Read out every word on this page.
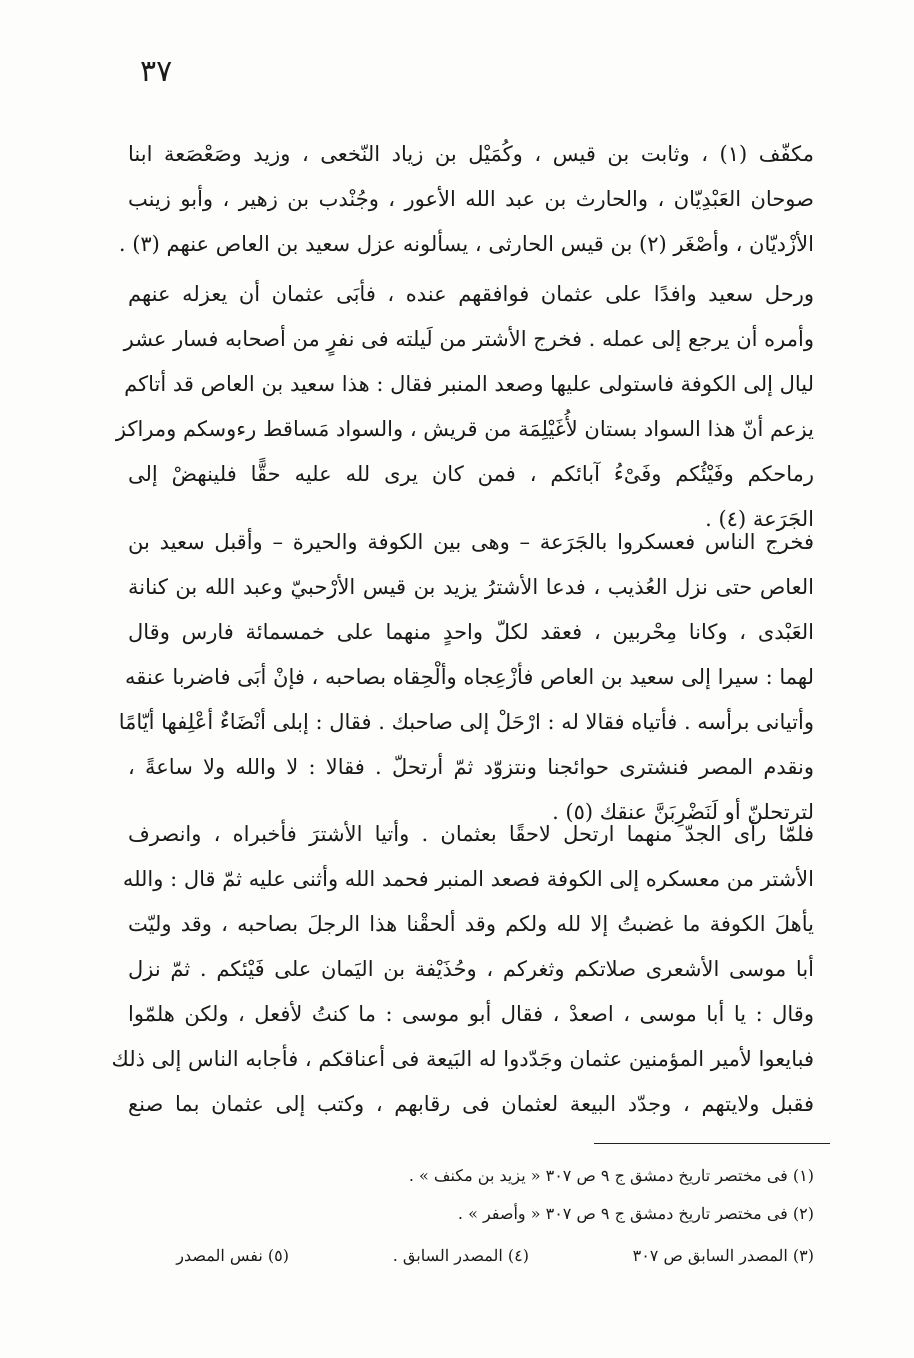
٣٧
مكفّف (١) ، وثابت بن قيس ، وكُمَيْل بن زياد النّخعى ، وزيد وصَعْصَعة ابنا
صوحان العَبْدِيّان ، والحارث بن عبد الله الأعور ، وجُنْدب بن زهير ، وأبو زينب
الأزْديّان ، وأصْغَر (٢) بن قيس الحارثى ، يسألونه عزل سعيد بن العاص عنهم (٣) .
ورحل سعيد وافدًا على عثمان فوافقهم عنده ، فأبَى عثمان أن يعزله عنهم
وأمره أن يرجع إلى عمله . فخرج الأشتر من لَيلته فى نفرٍ من أصحابه فسار عشر
ليال إلى الكوفة فاستولى عليها وصعد المنبر فقال : هذا سعيد بن العاص قد أتاكم
يزعم أنّ هذا السواد بستان لأُغَيْلِمَة من قريش ، والسواد مَساقط رءوسكم ومراكز
رماحكم وفَيْئُكم وفَىْءُ آبائكم ، فمن كان يرى لله عليه حقًّا فلينهضْ إلى
الجَرَعة (٤) .
فخرج الناس فعسكروا بالجَرَعة – وهى بين الكوفة والحيرة – وأقبل سعيد بن
العاص حتى نزل العُذيب ، فدعا الأشترُ يزيد بن قيس الأرْحبيّ وعبد الله بن كنانة
العَبْدى ، وكانا مِحْربين ، فعقد لكلّ واحدٍ منهما على خمسمائة فارس وقال
لهما : سيرا إلى سعيد بن العاص فأزْعِجاه وألْحِقاه بصاحبه ، فإنْ أبَى فاضربا عنقه
وأتيانى برأسه . فأتياه فقالا له : ارْحَلْ إلى صاحبك . فقال : إبلى أنْضَاءٌ أعْلِفها أيّامًا
ونقدم المصر فنشترى حوائجنا ونتزوّد ثمّ أرتحلّ . فقالا : لا والله ولا ساعةً ،
لترتحلنّ أو لَنَضْرِبَنَّ عنقك (٥) .
فلمّا رأى الجدّ منهما ارتحل لاحقًا بعثمان . وأتيا الأشترَ فأخبراه ، وانصرف
الأشتر من معسكره إلى الكوفة فصعد المنبر فحمد الله وأثنى عليه ثمّ قال : والله
يأهلَ الكوفة ما غضبتُ إلا لله ولكم وقد ألحقْنا هذا الرجلَ بصاحبه ، وقد وليّت
أبا موسى الأشعرى صلاتكم وثغركم ، وحُذَيْفة بن اليَمان على فَيْئكم . ثمّ نزل
وقال : يا أبا موسى ، اصعدْ ، فقال أبو موسى : ما كنتُ لأفعل ، ولكن هلمّوا
فبايعوا لأمير المؤمنين عثمان وجَدّدوا له البَيعة فى أعناقكم ، فأجابه الناس إلى ذلك
فقبل ولايتهم ، وجدّد البيعة لعثمان فى رقابهم ، وكتب إلى عثمان بما صنع
(١) فى مختصر تاريخ دمشق ج ٩ ص ٣٠٧ « يزيد بن مكنف » .
(٢) فى مختصر تاريخ دمشق ج ٩ ص ٣٠٧ « وأصفر » .
(٣) المصدر السابق ص ٣٠٧
(٤) المصدر السابق .
(٥) نفس المصدر
